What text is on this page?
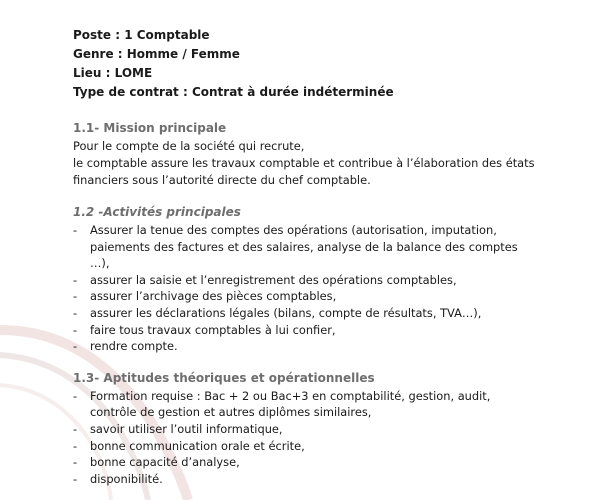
Poste : 1 Comptable
Genre : Homme / Femme
Lieu : LOME
Type de contrat : Contrat à durée indéterminée
1.1- Mission principale
Pour le compte de la société qui recrute,
le comptable assure les travaux comptable et contribue à l’élaboration des états
financiers sous l’autorité directe du chef comptable.
1.2 -Activités principales
- Assurer la tenue des comptes des opérations (autorisation, imputation,
paiements des factures et des salaires, analyse de la balance des comptes
…),
- assurer la saisie et l’enregistrement des opérations comptables,
- assurer l’archivage des pièces comptables,
- assurer les déclarations légales (bilans, compte de résultats, TVA…),
- faire tous travaux comptables à lui confier,
- rendre compte.
1.3- Aptitudes théoriques et opérationnelles
- Formation requise : Bac + 2 ou Bac+3 en comptabilité, gestion, audit,
contrôle de gestion et autres diplômes similaires,
- savoir utiliser l’outil informatique,
- bonne communication orale et écrite,
- bonne capacité d’analyse,
- disponibilité.
